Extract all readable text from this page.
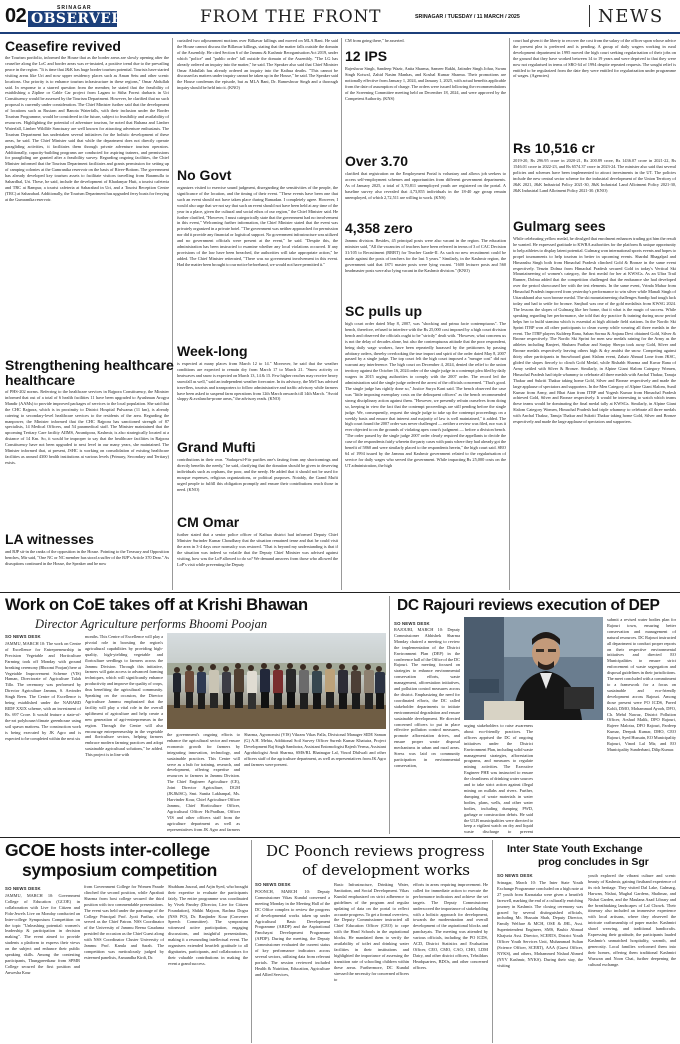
02	SRINAGAR
OBSERVER	FROM THE FRONT	SRINAGAR / TUESDAY / 11 MARCH / 2025	NEWS
Ceasefire revived
the Tourism portfolio, informed the House that as the border areas are slowly opening after the ceasefire along the LoC and border areas was re-instated, a positive trend due to the prevailing peace in the region. "It is time that J&K has huge border tourism potential. Tourists have started visiting areas like Uri and now upper residency places such as Aman Setu and other scenic locations. Our priority is to enhance tourism infrastructure in these regions," Omar Abdullah said. In response to a starred question from the member, he stated that the feasibility of establishing a Zipline or Cable Car project from Lagam to Sitha Forest darbaris in Uri Constituency would be assessed by the Tourism Department. However, he clarified that no such proposal is currently under consideration. The Chief Minister further said that the development of locations such as Rustam and Banota Waterfalls, with their inclusion under the Border Tourism Programme, would be considered in the future, subject to feasibility and availability of resources. Highlighting the potential of adventure tourism, he noted that Buhana and Limber Waterfall, Limber Wildlife Sanctuary are well known for attracting adventure enthusiasts. The Tourism Department has undertaken several initiatives for the holistic development of these areas, he said. The Chief Minister said that while the department does not directly operate paragliding activities, it facilitates them through private adventure tourism operators. Additionally, capacity-building programs are conducted for aspiring trainers, and permissions for paragliding are granted after a feasibility survey. Regarding ongoing facilities, the Chief Minister informed that the Tourism Department facilitates and grants permission for setting up of camping colonies at the Gumranika reservoir on the basis of River-Bottom. The government has already developed key tourism assets to facilitate visitors travelling from Baramulla to Sahardhal, Uri. These, he said, include the development of Khadanyar Hutt, a tourist cafeteria and TRC at Rampur, a tourist cafeteria at Saharabad in Uri, and a Tourist Reception Centre (TRC) at Saharabad. Additionally, the Tourism Department has upgraded ferry boats for ferrying at the Gumranika reservoir.
Strengthening healthcare
healthcare
of PHS-202 norms. Referring to the healthcare services in Rajpora Constituency, the Minister informed that out of a total of 6 health facilities 11 have been upgraded to Ayushman Arogya Mandir (AAMs) to provide improved packages of services to the local population. She said that the CHC Rajpora, which is in proximity to District Hospital Pulwama (11 km), is already catering to secondary-level healthcare services to the residents of the area. Regarding the manpower, the Minister informed that the CHC Rajpora has sanctioned strength of 87 specialists, 14 Medical Officers, and 54 paramedical staff. The Minister maintained that the upcoming Tertiary Care facility AIIMS, Awantipora, Kashmir, is also strategically located at a distance of 14 Km. So, it would be improper to say that the healthcare facilities in Rajpora Constituency have not been upgraded to next level in our many years, she maintained. The Minister informed that, at present, JSHC is working on consolidation of existing healthcare facilities as around 4300 health institutions at various levels (Primary, Secondary and Tertiary) exists.
LA witnesses
and BJP sit-in the ranks of the opposition in the House. Pointing to the Treasury and Opposition benches, Mir said, "One NC or NC member has stood a suffer of the BJP's Article 370 Dear." As disruptions continued in the House, the Speaker and he now
curtailed two adjournment motions over Bilkavar killings and moved on MLA Bani. He said the House cannot discuss the Billawar killings, stating that the matter falls outside the domain of the Assembly. He cited Section 6 of the Jammu & Kashmir Reorganisation Act 2019, under which "police" and "public order" fall outside the domain of the Assembly. "The LG has already ordered an inquiry into the matter," he said. The Speaker also said that Chief Minister Omar Abdullah has already ordered an inquiry into the Kathua deaths. "This cannot be discussed as matters under inquiry cannot be taken up in the House," he said. The Speaker said the House condemns the episode, but as MLA Bani, Dr. Rameshwar Singh and a thorough inquiry should be held into it. (KNO)
No Govt
organizes visited to exercise sound judgment, disregarding the sensitivities of the people, the significance of the location, and the timing of their event. "These events have been one that such an event should not have taken place during Ramadan. I completely agree. However, I would also urge that we not say that such an event should not have been held at any time of the year in a place, given the cultural and social ethos of our region," the Chief Minister said. He further clarified, "However, I must categorically state that the government had no involvement in this event," Welcoming further information, the Chief Minister stated that the event was privately organized in a private hotel. "The government was neither approached for permission nor did it provide any financial or logistical support. No government infrastructure was utilized and no government officials were present at the event," he said. "Despite this, the administration has been instructed to examine whether any local violations occurred. If any provisions of the law have been breached, the authorities will take appropriate action," he added. The Chief Minister reiterated, "There was no government involvement in this event. Had the matter been brought to our notice beforehand, we would not have permitted it."
Week-long
is expected at many places from March 12 to 14." Moreover, he said that the weather conditions are expected to remain dry from March 17 to March 21. "Snow activity or heatwaves and snow is expected on March 13, 14 & 15. Few higher reaches may receive heavy snowfall as well," said an independent weather forecaster. In its advisory, the MeT has advised travellers, tourists and transporters to follow administrative and traffic advisory while farmers have been asked to suspend farm operations from 12th March onwards till 14th March. "Avoid sloppy & avalanche-prone areas," the advisory reads. (KNO)
Grand Mufti
contributions in their own. "Sadaqa-ul-Fitr purifies one's fasting from any shortcomings and directly benefits the needy," he said, clarifying that the donation should be given to deserving individuals such as orphans, the poor, and the needy. He added that it should not be used for mosque expenses, religious organizations, or political purposes. Notably, the Grand Mufti urged people to fulfill this obligation promptly and ensure their contributions reach those in need. (KNO)
CM Omar
further stated that a senior police officer of Kathua district had informed Deputy Chief Minister Surinder Kumar Choudhary that the situation remained tense and that he could visit the area in 3-4 days once normalcy was restored. "That is beyond my understanding is that if the situation was indeed so volatile that the Deputy Chief Minister was advised against visiting, how was the LoP allowed to do so? We demand answers from those who allowed the LoP's visit while preventing the Deputy
CM from going there," he asserted.
12 IPS
Rajeshwar Singh, Sandeep Wazir, Anita Sharma, Sameer Rakhi, Jatinder Singh Johar, Swam Singh Kotwal, Zahid Nasim Manhas, and Koshal Kumar Sharma. Their promotions are notionally effective from January 1, 2024, and January 1, 2025, with actual benefits applicable from the date of assumption of charge. The orders were issued following the recommendations of the Screening Committee meeting held on December 18, 2024, and were approved by the Competent Authority. (KNS)
Over 3.70
clarified that registration on the Employment Portal is voluntary and allows job seekers to access self-employment schemes and opportunities from different government departments. As of January 2025, a total of 3,70,811 unemployed youth are registered on the portal. A baseline survey also revealed that 4,73,855 individuals in the 18-40 age group remain unemployed, of which 2,72,511 are willing to work. (KNS)
4,358 zero
Jammu division. Besides, 45 principal posts were also vacant in the region. The education minister said, "All the vacancies of teachers have been referred in terms of 3 of CAC Decision 31/105 to Recruitment (RRBT) for Teacher Grade-II. As such no new recruitment could be made against the posts of teachers for the last 5 years." Similarly, in the Kashmir region, the government said that 1871 master posts were lying vacant. "1600 lecturer posts and 560 headmaster posts were also lying vacant in the Kashmir division." (KNO)
SC pulls up
high court order dated May 8, 2007, was "shocking and prima facie contemptuous". The bench, therefore, refused to interfere with the Rs 25,000 cost imposed by a high court division bench and observed the officials ought to be "strictly" dealt with. "However, what concerns us is not the delay of decades alone, but also the contemptuous attitude that the poor respondent, being daily wage workers, have been repeatedly harassed by the petitioners by passing arbitrary orders, thereby overlooking the true import and spirit of the order dated May 8, 2007 passed by a single judge. The top court felt the high court imposed a "meagre cost" did not warrant any interference. The high court on December 4, 2024, denied the relief to the union territory against the October 16, 2024 order of the single judge in a contempt plea filed by daily wagers in 2015 urging authorities to comply with the 2007 order. The record led the administration said the single judge ordered the arrest of the officials concerned. "That's good. The single judge has rightly done so," Justice Surya Kant said. The bench observed the case was "little imposing exemplary costs on the delinquent officers" as the bench recommended strong disciplinary action against them. "However, we presently refrain ourselves from doing so, keeping in view the fact that the contempt proceedings are still pending before the single judge. We, consequently, request the single judge to take up the contempt proceedings on a weekly basis and ensure that interest and majority of law is well maintained," it added. The high court found the 2007 order was never challenged — neither a review was filed, nor was it ever objected to on the grounds of violating apex court's judgment — before a division bench. "The order passed by the single judge 2007 order clearly required the appellants to decide the case of the respondents fairly wherein the party cases with pasts where they had already got the benefit of 5860 and were similarly placed to the respondents herein," the high court said. SRO 64 of 1994 issued by the Jammu and Kashmir government related to the regularisation of service for daily wages who served the government. While impacting Rs 25,000 costs on the UT administration, the high
court had given it the liberty to recover the cost from the salary of the officer upon whose advice the present plea is preferred and is pending. A group of daily wagers working in rural development department in 1995 moved the high court seeking regularisation of their jobs on the ground that they have worked between 14 to 19 years and were deprived to that they were now not regularised in terms of SRO 64 of 1994 despite repeated requests. The sought relief is entitled to be regularized from the date they were entitled for regularization under programme of wages. (Agencies)
Rs 10,516 cr
2019-20, Rs 296.95 crore in 2020-21, Rs 200.89 crore, Rs 1436.07 crore in 2021-22, Rs 1546.01 crore in 2022-23, and Rs 6574.37 crore in 2023-24. The minister also said that several policies and schemes have been implemented to attract investments in the UT. The policies include the new central sector scheme for the industrial development of the Union Territory of J&K 2021, J&K Industrial Policy 2021-30, J&K Industrial Land Allotment Policy 2021-30, J&K Industrial Land Allotment Policy 2021-30. (KNO)
Gulmarg sees
While celebrating yellow medal, he divulged that enrolment enhances trading got him the result he wanted. He expressed gratitude to KWRA authorities for the platform & unique opportunity to help athletes to display latent potential. Gulmarg won international sports events and hopes to propel tournaments to help tourism in better in upcoming events. Shardul Bhagalpal and Himanshu Singh both from Himachal Pradesh clinched Gold & Bronze in the same event respectively. Tenzin Dolma from Himachal Pradesh secured Gold in today's Vertical Ski Mountaineering of women's category, the first medal for her at KWSGs. As an Ultra Trail Runner, Dolma added that the competition challenged that the endurance she had developed over the period showcased her with the test elements. In the same event, Vrinda Mahar from Himachal Pradesh improved from yesterday's performance to win silver while Manali Singh of Uttarakhand also won bronze medal. The ski mountaineering challenges Sandip had tough luck today and had to settle for bronze. Sanjhail was one of the gold medalists from KWSG 2024. The lessons the slopes of Gulmarg like her home, that it what is the magic of success. While speaking regarding her performance, she told that dry practice & training during snow period helps her to build stamina which is essential at high altitude field stations. In the Nordic Ski Sprint ITBP won all other participants to clean sweep while wearing all three medals in the event. The ITBP players Kuldeep Rana, Saban Sorma & Anjana Devi obtained Gold, Silver & Bronze respectively. The Nordic Ski Sprint for men saw medals raining for the Army as the athletes including Ranjeet, Shubam Parihar and Sanjay Sherpa took away Gold, Silver and Bronze medals respectively leaving others high & dry amidst the snow. Competing against thirty other participants in Snowboard giant Slalom event, Zahair Ahmad Lone from JKSC, glided the slopes fiercely to clinch Gold Medal, while Rishabh Sharma and Kuvar Rana of Army settled with Silver & Bronze. Similarly, in Alpine Giant Slalom Category Women, Himachal Pradesh had triple whammy to celebrate all three medals with Anchal Thakur, Tanuja Thakur and Sukriti Thakur taking home Gold, Silver and Bronze respectively and made the large applause of spectators and supporters. In the Men Category of Alpine Giant Slalom, Sunil Kumar from Army, and Bhat Atan from ITBP and Yogesh Kumar from Himachal Pradesh achieved Gold, Silver and Bronze respectively. It would be interesting to watch which teams these teams would be dominating the final medal tally at KWSGs. Similarly, in Alpine Giant Slalom Category Women, Himachal Pradesh had triple whammy to celebrate all three medals with Anchal Thakur, Tanuja Thakur and Sukriti Thakur taking home Gold, Silver and Bronze respectively and made the large applause of spectators and supporters.
Work on CoE takes off at Krishi Bhawan
Director Agriculture performs Bhoomi Poojan
SO NEWS DESK
JAMMU, MARCH 10: The work on Centre of Excellence for Entrepreneurship in Precision Vegetable and Horticulture Farming took off Monday with ground breaking ceremony (Bhoomi Poojan) here at Vegetable Improvement Scheme (VIS) Haman, Directorate of Agriculture Talab Tillo. The ceremony was performed by Director Agriculture Jammu, S. Arvinder Singh Reen. The Centre of Excellence is being established under the NABARD RIDF XXIX scheme, with an investment of Rs. 697 Crore. It would feature a state-of-the-art polyhouse/climate greenhouse using soil spawn mattress. The construction work is being executed by JK Agro and is expected to be completed within the next six
months. This Centre of Excellence will play a pivotal role in boosting the region's agricultural capabilities by providing high-quality, high-yielding vegetable and floriculture seedlings to farmers across the Jammu Division. Through this initiative, farmers will gain access to advanced farming techniques, which will significantly enhance productivity and improve the quality of crops, thus benefiting the agricultural community. Speaking on the occasion, the Director Agriculture Jammu emphasized that the facility will play a vital role in the overall upliftment of agriculture and help create a new generation of agri-entrepreneurs in the region. Through the Centre will also encourage entrepreneurship in the vegetable and floriculture sectors, helping farmers embrace modern farming practices and adopt sustainable agricultural solutions," he added. This project is in line with
the government's ongoing efforts to enhance the agricultural sector and ensure economic growth for farmers by integrating innovation, technology, and sustainable practices. This Centre will serve as a hub for training, research, and development, offering expertise and resources to farmers in Jammu Division. The Chief Engineer Agriculture (CE), Joint Director Agriculture, DGM (JKJ&ISC), Smt. Sunita Lakhanpal, Ms. Harvinder Kour, Chief Agriculture Officer Jammu, Chief Horticulture Officer, Agricultural Officer Hr.Pradhan, Officer VIS and other officers staff from the agriculture department as well as representatives from JK Agro and farmers
Sharma, Agronomist (VIS) Vikram Vikas Palla, Divisional Manager SIDE Saman (G) A.H. Mehta, Additional Soil Survey Officer Suresh Kumar Khatuira, Project Development Raj Singh Sambotra, Assistant Entomologist Rajesh Verma, Assistant Agrobiologist Amit Sharma, SMS/RL Bhatnagar Lal, Vinod Dhilwali and other officers staff of the agriculture department, as well as representatives from JK Agro and farmers were present.
DC Rajouri reviews execution of DEP
SO NEWS DESK
RAJOURI, MARCH 10: Deputy Commissioner Abhishek Sharma Monday chaired a meeting to review the implementation of the District Environment Plan (DEP) in the conference hall of the Office of the DC Rajouri. The meeting focused on strategies to enhance environmental conservation efforts, waste management, afforestation initiatives, and pollution control measures across the district. Emphasizing the need for coordinated efforts, the DC called stakeholder departments to initiate environmental degradation and ensure sustainable development. He directed concerned officers to put in place effective pollution control measures, promote afforestation drives, and ensure proper waste disposal mechanisms in urban and rural areas. Stress was laid on community participation in environmental conservation,
urging stakeholders to raise awareness about eco-friendly practices. The officers apprised the DC of ongoing initiatives under the District Environment Plan, including solid waste management strategies, afforestation programs, and measures to regulate mining activities. The Executive Engineer PHE was instructed to ensure the cleanliness of drinking water sources and to take strict action against illegal mining on nullahs and rivers. Further, dumping of waste materials in water bodies, plans, wells, and other water bodies, including dumping PWD, garbage or construction debris. He said the ULB municipalities were directed to keep a vigilant watch on dry and liquid waste discharge to prevent
submit a revised water bodies plan for Rajouri town, ensuring better conservation and management of natural resources. DC Rajouri instructed all department to conduct proper reports on their respective environmental initiatives and directed EO Municipalities to ensure strict enforcement of waste segregation and disposal guidelines in their jurisdictions. The meet concluded with a commitment to a framework for a focus on sustainable and eco-friendly development across Rajouri. Among those present were PO ICDS, Paved Kohli, DMO, Mohammad Ayoob, DFO, Ch. Mehd Nawaz, District Pollution Officer, Arshad Malik, DPO Rajouri, Rajeev Malotra, DFO Rajouri, Pardeep Kumar, Deepak Kumar, DHO, CEO Rajouri, Syed Hussain, EO Municipality Rajouri, Vinod Lal Mir, and EO Municipality Sunderbani, Dilip Kumar.
GCOE hosts inter-college
symposium competition
SO NEWS DESK
JAMMU, MARCH 10: Government College of Education (GCOE) in collaboration with Live for Citizen and Fida-Jewels Live on Monday conducted an Inter-college Symposium Competition on the topic "Unleashing potential: women's leadership & participation in decision making". The event aimed to provide students a platform to express their views on the subject and enhance their public speaking skills. Among the contesting participants, Thungpreetkaur from SPMR College secured the first position and Anwesha Kour
from Government College for Women Parade clinched the second position, while Aprabati Sharma from host college secured the third position with two commendable presentations. The event was held under the patronage of the College Principal Prof. Jyoti Parihar, who served as the Chief Patron. NSS Coordinator of the University of Jammu Reena Gaudama presided the occasion as the Chief Guest along with NSS Coordinator Cluster University of Jammu Prof. Kamla and Sarah. The competition was meticulously judged by esteemed panelists, Asmandha Kirdi, Dr.
Shubham Jasoral, and Arjin Syed, who brought their expertise to evaluate the participants fairly. The entire programme was coordinated by Vivek Pandey (Director, Live for Citizen Foundation), Shikhi Majoon, Rachna Dogra (NSS PO), Dr. Ranjinder Kour (Convener Speech Committee). The symposium witnessed active participation, engaging discussions, and insightful presentations, making it a resounding intellectual event. The organisers extended heartfelt gratitude to all dignitaries, participants, and collaborators for their valuable contributions in making the event a grand success.
DC Poonch reviews progress
of development works
SO NEWS DESK
POONCH, MARCH 10: Deputy Commissioner Vikas Kundal convened a meeting Monday in the Meeting Hall of the DC Office complex to review the progress of developmental works taken up under Agricultural Basic Development Programme (ABDP) and the Aspirational Panchayat Development Programme (APDP). During the meeting, the Deputy Commissioner evaluated the current status of key performance indicators across several sectors, utilizing data from relevant portals. The session reviewed included Health & Nutrition, Education, Agriculture and Allied Services,
Basic Infrastructure, Drinking Water, Sanitation, and Social Development. Vikas Kundal emphasized on strict adherence to guidelines of the program and regular updating of data on the portal to reflect accurate progress. To get a formal overview, the Deputy Commissioner instructed all Chief Education Officer (CEO) to cope with the Head Schools in the aspirational blocks. He mandated them to verify the availability of toilet and drinking water facilities in their institutions and highlighted the importance of assessing the transition rate of schooling children within these areas. Furthermore, DC Kundal stressed the necessity for concerned officers to
efforts in areas requiring improvement. He called for immediate action to execute the performance indicators and achieve the set targets. The Deputy Commissioner underscored the importance of stakeholding with a holistic approach for development, towards the modernization and overall development of the aspirational blocks and panchayats. The meeting was attended by various officials, including the PO ICDS, ACD, District Statistics and Evaluation Officer, CEO, CMO, CAO, CHO, LDM Dairy, and other district officers, Tehsildars Headquarters, BDOs, and other concerned officers.
Inter State Youth Exchange
prog concludes in Sgr
SO NEWS DESK
Srinagar, March 10: The Inter State Youth Exchange Programme concluded on a high note at 27 youth from Karnataka were given a heartfelt farewell, marking the end of a culturally enriching journey in Kashmir. The closing ceremony was graced by several distinguished officials, including Mr. Hussain Shah, Deputy Director, Family Welfare & MCH, OSE & JHL, Asst. Superintendent Engineer, SMS, Bashir Ahmad Khajuria Asst. Director, SCERTS, District Youth Officer Youth Services Unit, Muhammad Sultan (Science Officer, SCERT), AAA (Guest Officer, NYKS), and others, Mohammed Nishad Ahmed (NYV Kashmir, NYKS). During their stay, the visiting
youth explored the vibrant culture and scenic beauty of Kashmir, gaining firsthand experience of its rich heritage. They visited Dal Lake, Gulmarg, Harwan, Nishat, Mughal Gardens, Shalimar, and Nishat Garden, and the Maulana Azad Library and the breathtaking landscapes of Lal Chowk. Their itinerary also included an immersive experience with local artisans, where they observed the intricate craftsmanship of paper mache. Kashmiri shawl weaving, and traditional handicrafts. Expressing their gratitude, the participants lauded Kashmir's unmatched hospitality, warmth, and generosity. Local families welcomed them into their homes, offering them traditional Kashmiri Wazwan and Noon Chai, further deepening the cultural exchange.
